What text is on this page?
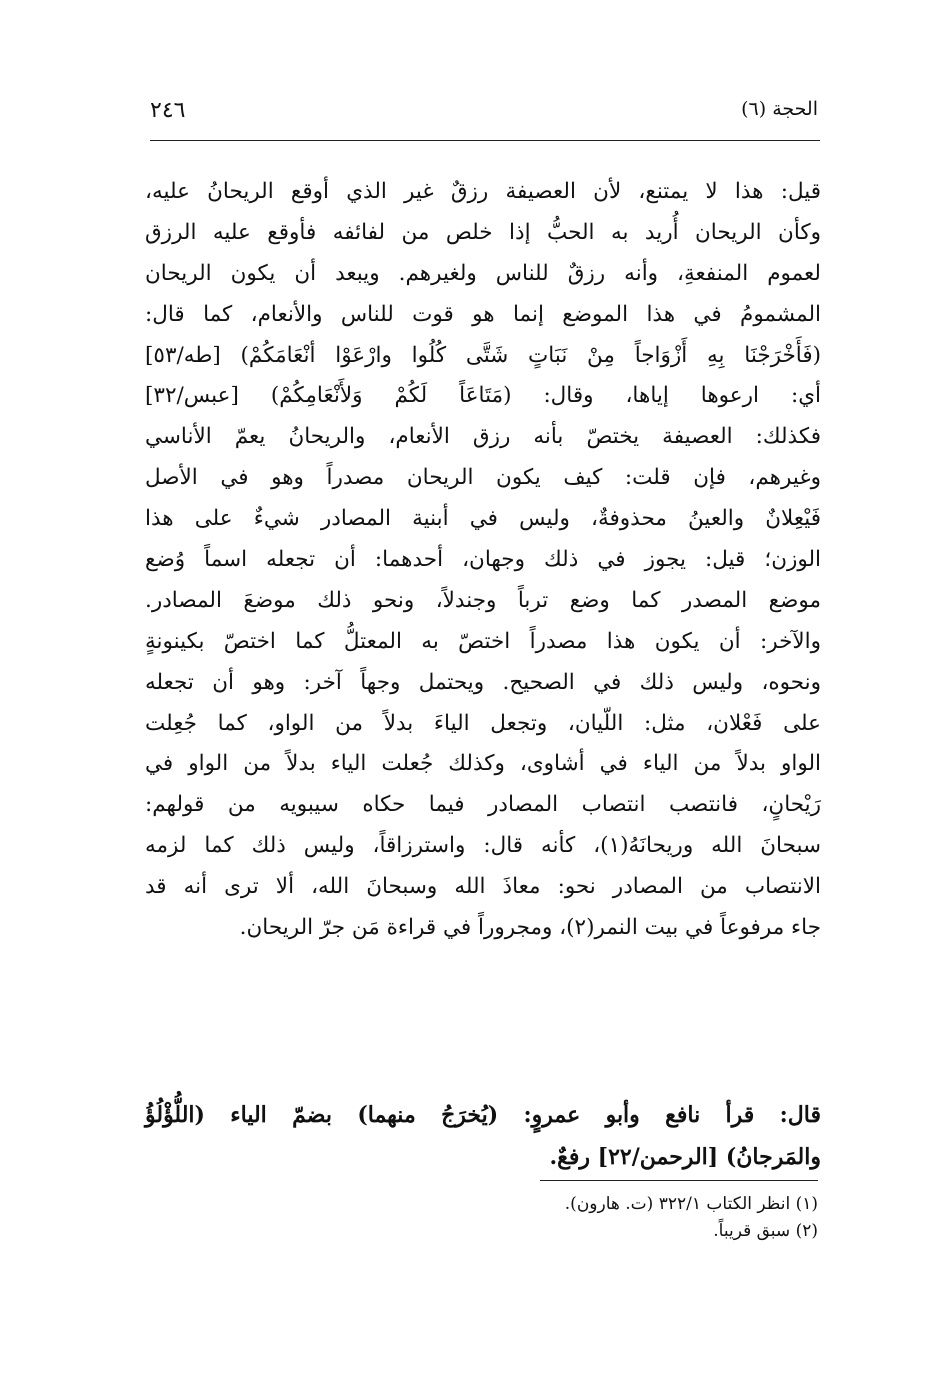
٢٤٦	الحجة (٦)
قيل: هذا لا يمتنع، لأن العصيفة رزقٌ غير الذي أوقع الريحانُ عليه،
وكأن الريحان أُريد به الحبُّ إذا خلص من لفائفه فأوقع عليه الرزق
لعموم المنفعةِ، وأنه رزقٌ للناس ولغيرهم. ويبعد أن يكون الريحان
المشمومُ في هذا الموضع إنما هو قوت للناس والأنعام، كما قال:
(فَأَخْرَجْنَا بِهِ أَزْوَاجاً مِنْ نَبَاتٍ شَتَّى كُلُوا وارْعَوْا أنْعَامَكُمْ) [طه/٥٣]
أي: ارعوها إياها، وقال: (مَتَاعَاً لَكُمْ وَلأَنْعَامِكُمْ) [عبس/٣٢]
فكذلك: العصيفة يختصّ بأنه رزق الأنعام، والريحانُ يعمّ الأناسي
وغيرهم، فإن قلت: كيف يكون الريحان مصدراً وهو في الأصل
فَيْعِلانٌ والعينُ محذوفةٌ، وليس في أبنية المصادر شيءٌ على هذا
الوزن؛ قيل: يجوز في ذلك وجهان، أحدهما: أن تجعله اسماً وُضع
موضع المصدر كما وضع ترباً وجندلاً، ونحو ذلك موضعَ المصادر.
والآخر: أن يكون هذا مصدراً اختصّ به المعتلُّ كما اختصّ بكينونةٍ
ونحوه، وليس ذلك في الصحيح. ويحتمل وجهاً آخر: وهو أن تجعله
على فَعْلان، مثل: اللّيان، وتجعل الياءَ بدلاً من الواو، كما جُعِلت
الواو بدلاً من الياء في أشاوى، وكذلك جُعلت الياء بدلاً من الواو في
رَيْحانٍ، فانتصب انتصاب المصادر فيما حكاه سيبويه من قولهم:
سبحانَ الله وريحانَهُ(١)، كأنه قال: واسترزاقاً، وليس ذلك كما لزمه
الانتصاب من المصادر نحو: معاذَ الله وسبحانَ الله، ألا ترى أنه قد
جاء مرفوعاً في بيت النمر(٢)، ومجروراً في قراءة مَن جرّ الريحان.
قال: قرأ نافع وأبو عمروٍ: (يُخرَجُ منهما) بضمّ الياء (اللُّؤْلُؤُ
والمَرجانُ) [الرحمن/٢٢] رفعٌ.
(١) انظر الكتاب ٣٢٢/١ (ت. هارون).
(٢) سبق قريباً.
